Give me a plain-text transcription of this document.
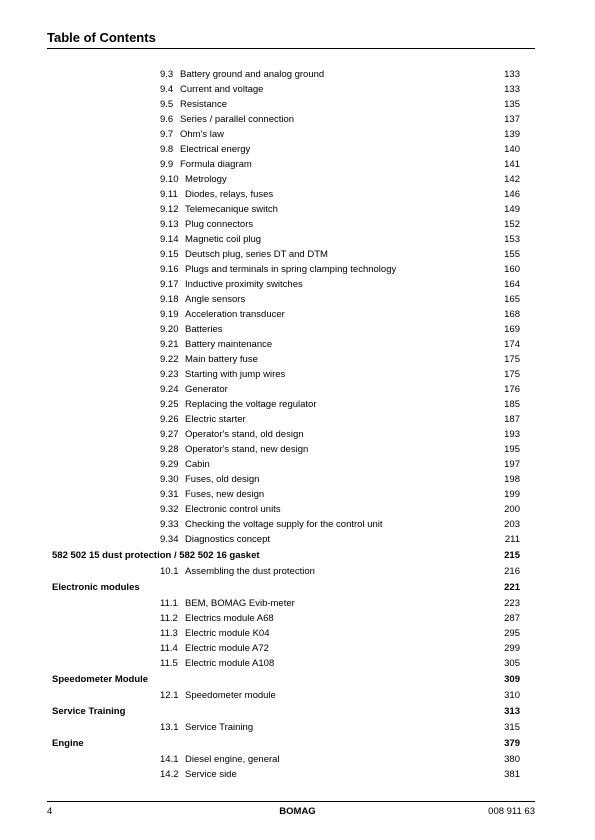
Table of Contents
9.3 Battery ground and analog ground	133
9.4 Current and voltage	133
9.5 Resistance	135
9.6 Series / parallel connection	137
9.7 Ohm's law	139
9.8 Electrical energy	140
9.9 Formula diagram	141
9.10 Metrology	142
9.11 Diodes, relays, fuses	146
9.12 Telemecanique switch	149
9.13 Plug connectors	152
9.14 Magnetic coil plug	153
9.15 Deutsch plug, series DT and DTM	155
9.16 Plugs and terminals in spring clamping technology	160
9.17 Inductive proximity switches	164
9.18 Angle sensors	165
9.19 Acceleration transducer	168
9.20 Batteries	169
9.21 Battery maintenance	174
9.22 Main battery fuse	175
9.23 Starting with jump wires	175
9.24 Generator	176
9.25 Replacing the voltage regulator	185
9.26 Electric starter	187
9.27 Operator's stand, old design	193
9.28 Operator's stand, new design	195
9.29 Cabin	197
9.30 Fuses, old design	198
9.31 Fuses, new design	199
9.32 Electronic control units	200
9.33 Checking the voltage supply for the control unit	203
9.34 Diagnostics concept	211
582 502 15 dust protection / 582 502 16 gasket	215
10.1 Assembling the dust protection	216
Electronic modules	221
11.1 BEM, BOMAG Evib-meter	223
11.2 Electrics module A68	287
11.3 Electric module K04	295
11.4 Electric module A72	299
11.5 Electric module A108	305
Speedometer Module	309
12.1 Speedometer module	310
Service Training	313
13.1 Service Training	315
Engine	379
14.1 Diesel engine, general	380
14.2 Service side	381
4	BOMAG	008 911 63
